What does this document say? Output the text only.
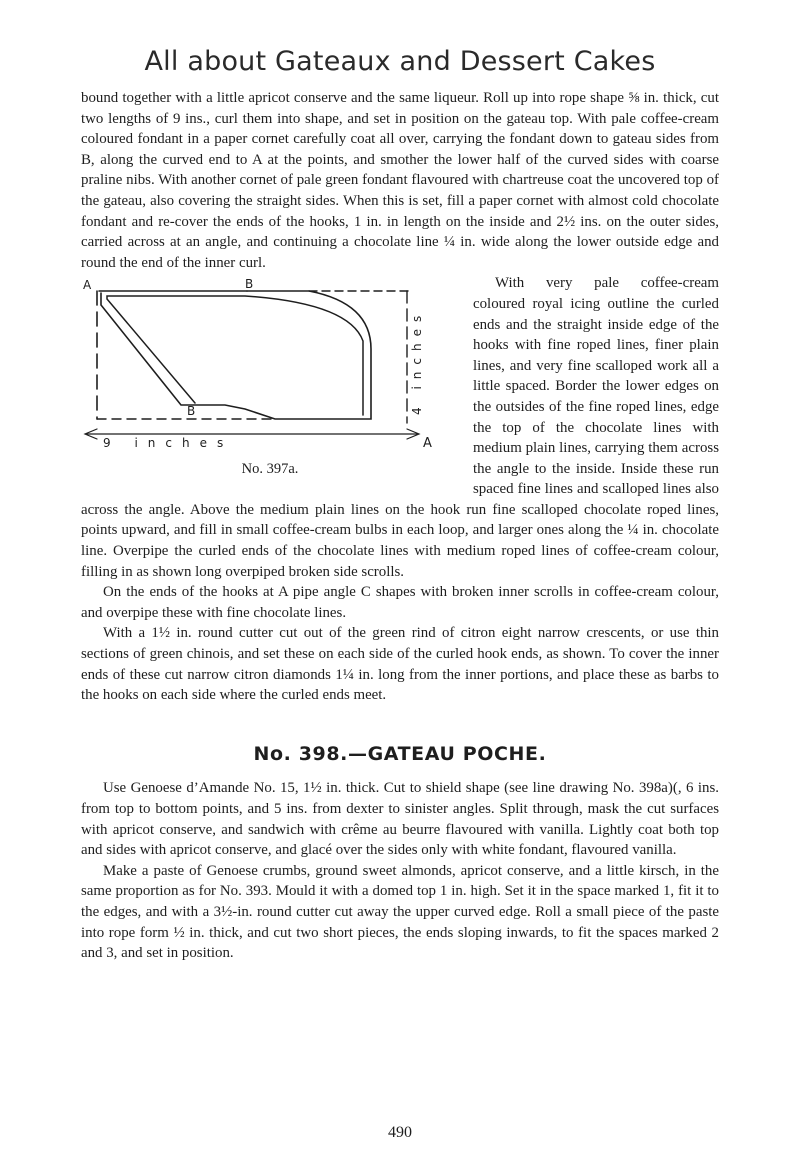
All about Gateaux and Dessert Cakes

bound together with a little apricot conserve and the same liqueur. Roll up into rope shape ⅝ in. thick, cut two lengths of 9 ins., curl them into shape, and set in position on the gateau top. With pale coffee-cream coloured fondant in a paper cornet carefully coat all over, carrying the fondant down to gateau sides from B, along the curved end to A at the points, and smother the lower half of the curved sides with coarse praline nibs. With another cornet of pale green fondant flavoured with chartreuse coat the uncovered top of the gateau, also covering the straight sides. When this is set, fill a paper cornet with almost cold chocolate fondant and re-cover the ends of the hooks, 1 in. in length on the inside and 2½ ins. on the outer sides, carried across at an angle, and continuing a chocolate line ¼ in. wide along the lower outside edge and round the end of the inner curl.

A	B
B
A
9 inches
4 inches
No. 397a.

With very pale coffee-cream coloured royal icing outline the curled ends and the straight inside edge of the hooks with fine roped lines, finer plain lines, and very fine scalloped work all a little spaced. Border the lower edges on the outsides of the fine roped lines, edge the top of the chocolate lines with medium plain lines, carrying them across the angle to the inside. Inside these run spaced fine lines and scalloped lines also across the angle. Above the medium plain lines on the hook run fine scalloped chocolate roped lines, points upward, and fill in small coffee-cream bulbs in each loop, and larger ones along the ¼ in. chocolate line. Overpipe the curled ends of the chocolate lines with medium roped lines of coffee-cream colour, filling in as shown long overpiped broken side scrolls.

On the ends of the hooks at A pipe angle C shapes with broken inner scrolls in coffee-cream colour, and overpipe these with fine chocolate lines.

With a 1½ in. round cutter cut out of the green rind of citron eight narrow crescents, or use thin sections of green chinois, and set these on each side of the curled hook ends, as shown. To cover the inner ends of these cut narrow citron diamonds 1¼ in. long from the inner portions, and place these as barbs to the hooks on each side where the curled ends meet.

No. 398.—GATEAU POCHE.

Use Genoese d’Amande No. 15, 1½ in. thick. Cut to shield shape (see line drawing No. 398a)(, 6 ins. from top to bottom points, and 5 ins. from dexter to sinister angles. Split through, mask the cut surfaces with apricot conserve, and sandwich with crême au beurre flavoured with vanilla. Lightly coat both top and sides with apricot conserve, and glacé over the sides only with white fondant, flavoured vanilla.

Make a paste of Genoese crumbs, ground sweet almonds, apricot conserve, and a little kirsch, in the same proportion as for No. 393. Mould it with a domed top 1 in. high. Set it in the space marked 1, fit it to the edges, and with a 3½-in. round cutter cut away the upper curved edge. Roll a small piece of the paste into rope form ½ in. thick, and cut two short pieces, the ends sloping inwards, to fit the spaces marked 2 and 3, and set in position.

490
